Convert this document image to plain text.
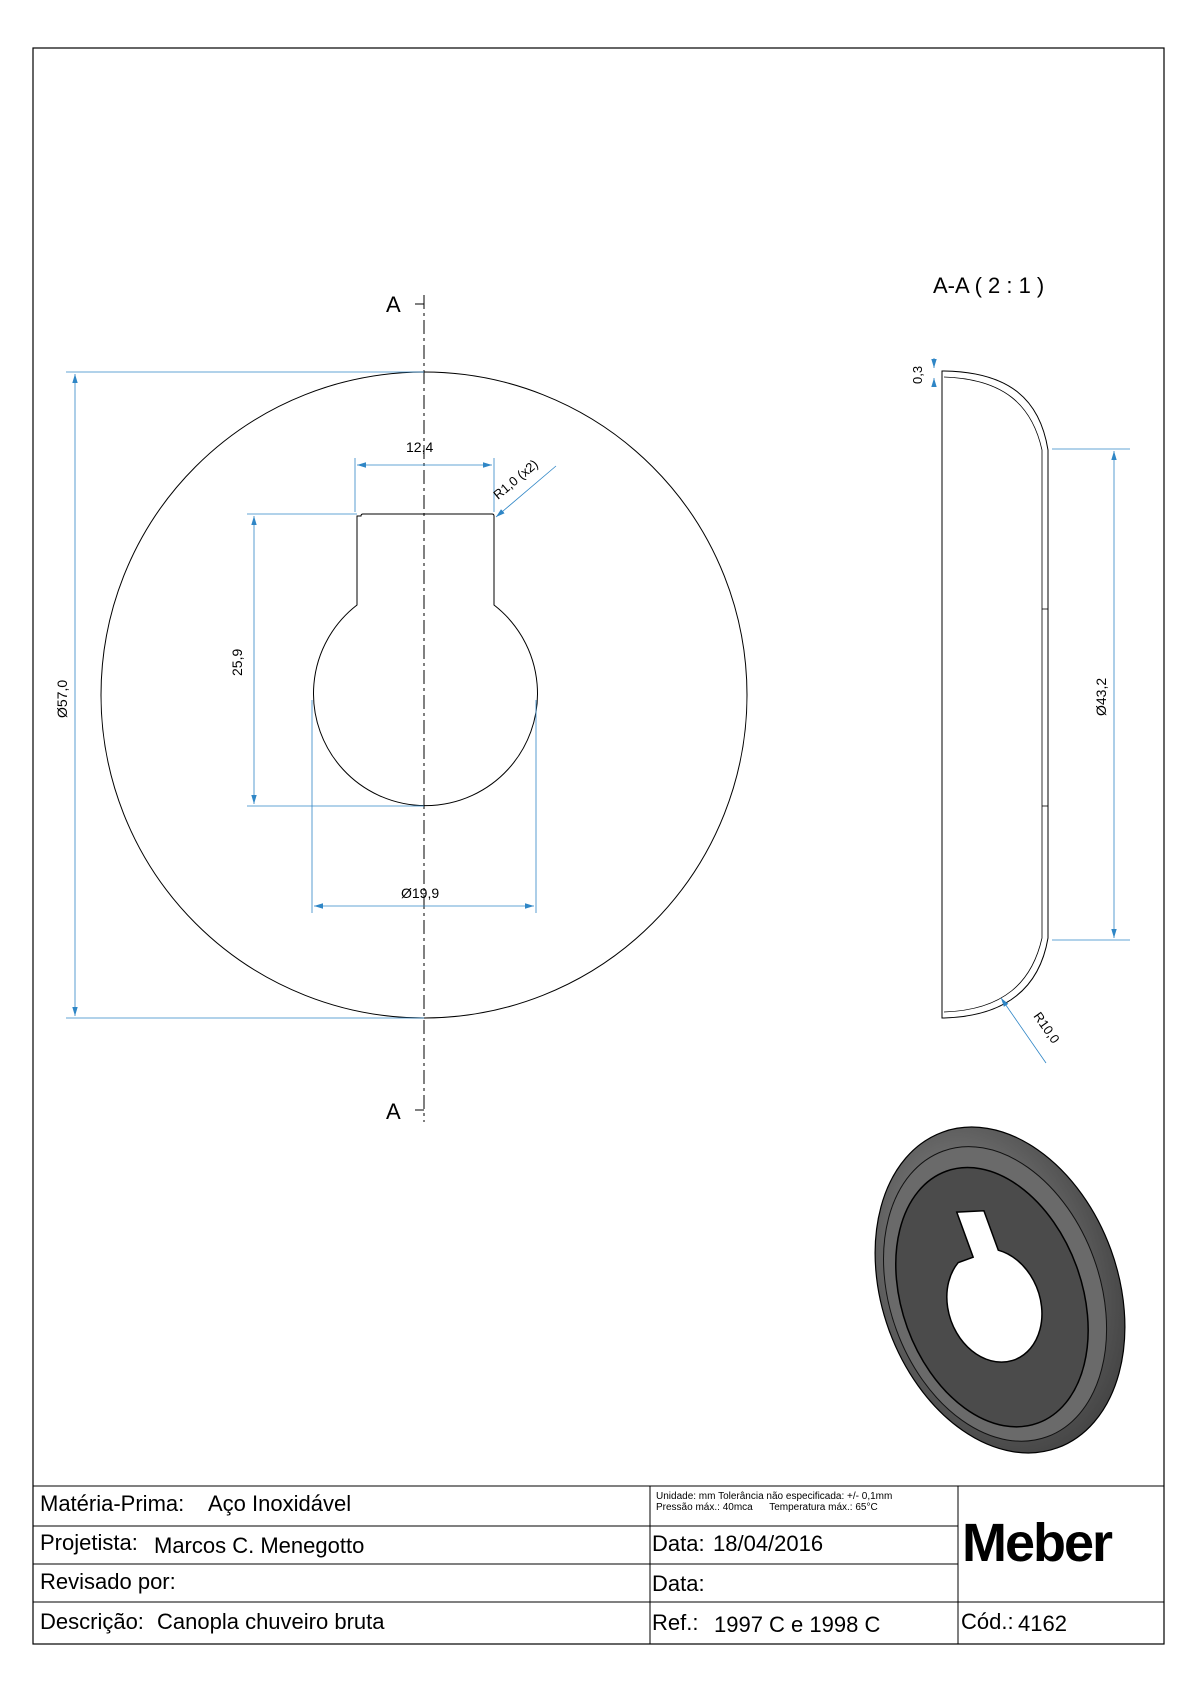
A
A
Ø57,0
12,4
R1,0 (x2)
25,9
Ø19,9
A-A ( 2 : 1 )
0,3
Ø43,2
R10,0
Matéria-Prima: Aço Inoxidável
Projetista: Marcos C. Menegotto
Revisado por:
Descrição: Canopla chuveiro bruta
Unidade: mm Tolerância não especificada: +/- 0,1mm
Pressão máx.: 40mca      Temperatura máx.: 65°C
Data: 18/04/2016
Data:
Ref.: 1997 C e 1998 C	Cód.: 4162
Meber
